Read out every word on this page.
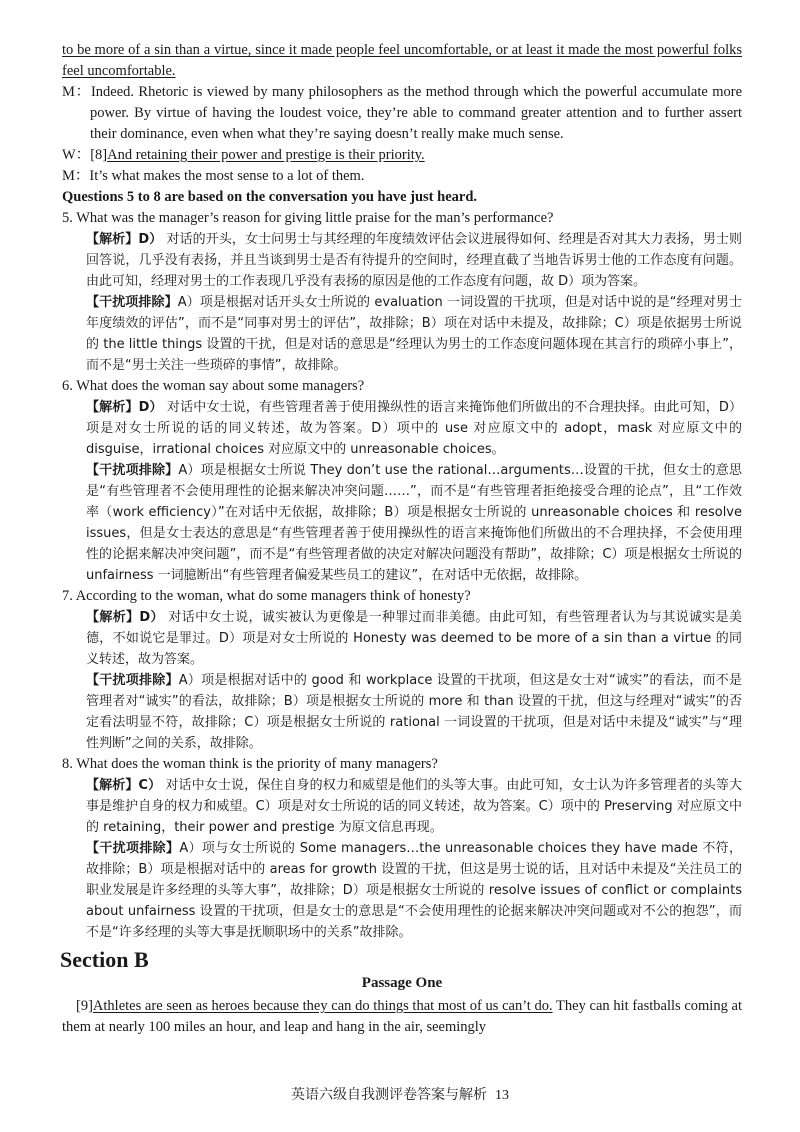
to be more of a sin than a virtue, since it made people feel uncomfortable, or at least it made the most powerful folks feel uncomfortable.

M：Indeed. Rhetoric is viewed by many philosophers as the method through which the powerful accumulate more power. By virtue of having the loudest voice, they’re able to command greater attention and to further assert their dominance, even when what they’re saying doesn’t really make much sense.

W：[8]And retaining their power and prestige is their priority.

M：It’s what makes the most sense to a lot of them.

Questions 5 to 8 are based on the conversation you have just heard.

5. What was the manager’s reason for giving little praise for the man’s performance?

【解析】D） 对话的开头，女士问男士与其经理的年度绩效评估会议进展得如何、经理是否对其大力表扬，男士则回答说，几乎没有表扬，并且当谈到男士是否有待提升的空间时，经理直截了当地告诉男士他的工作态度有问题。由此可知，经理对男士的工作表现几乎没有表扬的原因是他的工作态度有问题，故 D）项为答案。

【干扰项排除】A）项是根据对话开头女士所说的 evaluation 一词设置的干扰项，但是对话中说的是“经理对男士年度绩效的评估”，而不是“同事对男士的评估”，故排除；B）项在对话中未提及，故排除；C）项是依据男士所说的 the little things 设置的干扰，但是对话的意思是“经理认为男士的工作态度问题体现在其言行的琐碎小事上”，而不是“男士关注一些琐碎的事情”，故排除。

6. What does the woman say about some managers?

【解析】D） 对话中女士说，有些管理者善于使用操纵性的语言来掩饰他们所做出的不合理抉择。由此可知，D）项是对女士所说的话的同义转述，故为答案。D）项中的 use 对应原文中的 adopt，mask 对应原文中的 disguise，irrational choices 对应原文中的 unreasonable choices。

【干扰项排除】A）项是根据女士所说 They don’t use the rational…arguments…设置的干扰，但女士的意思是“有些管理者不会使用理性的论据来解决冲突问题……”，而不是“有些管理者拒绝接受合理的论点”，且“工作效率（work efficiency）”在对话中无依据，故排除；B）项是根据女士所说的 unreasonable choices 和 resolve issues，但是女士表达的意思是“有些管理者善于使用操纵性的语言来掩饰他们所做出的不合理抉择，不会使用理性的论据来解决冲突问题”，而不是“有些管理者做的决定对解决问题没有帮助”，故排除；C）项是根据女士所说的 unfairness 一词臆断出“有些管理者偏爱某些员工的建议”，在对话中无依据，故排除。

7. According to the woman, what do some managers think of honesty?

【解析】D） 对话中女士说，诚实被认为更像是一种罪过而非美德。由此可知，有些管理者认为与其说诚实是美德，不如说它是罪过。D）项是对女士所说的 Honesty was deemed to be more of a sin than a virtue 的同义转述，故为答案。

【干扰项排除】A）项是根据对话中的 good 和 workplace 设置的干扰项，但这是女士对“诚实”的看法，而不是管理者对“诚实”的看法，故排除；B）项是根据女士所说的 more 和 than 设置的干扰，但这与经理对“诚实”的否定看法明显不符，故排除；C）项是根据女士所说的 rational 一词设置的干扰项，但是对话中未提及“诚实”与“理性判断”之间的关系，故排除。

8. What does the woman think is the priority of many managers?

【解析】C） 对话中女士说，保住自身的权力和威望是他们的头等大事。由此可知，女士认为许多管理者的头等大事是维护自身的权力和威望。C）项是对女士所说的话的同义转述，故为答案。C）项中的 Preserving 对应原文中的 retaining，their power and prestige 为原文信息再现。

【干扰项排除】A）项与女士所说的 Some managers…the unreasonable choices they have made 不符，故排除；B）项是根据对话中的 areas for growth 设置的干扰，但这是男士说的话，且对话中未提及“关注员工的职业发展是许多经理的头等大事”，故排除；D）项是根据女士所说的 resolve issues of conflict or complaints about unfairness 设置的干扰项，但是女士的意思是“不会使用理性的论据来解决冲突问题或对不公的抱怨”，而不是“许多经理的头等大事是抚顺职场中的关系”故排除。

Section B
Passage One

[9]Athletes are seen as heroes because they can do things that most of us can’t do. They can hit fastballs coming at them at nearly 100 miles an hour, and leap and hang in the air, seemingly

英语六级自我测评卷答案与解析 13
